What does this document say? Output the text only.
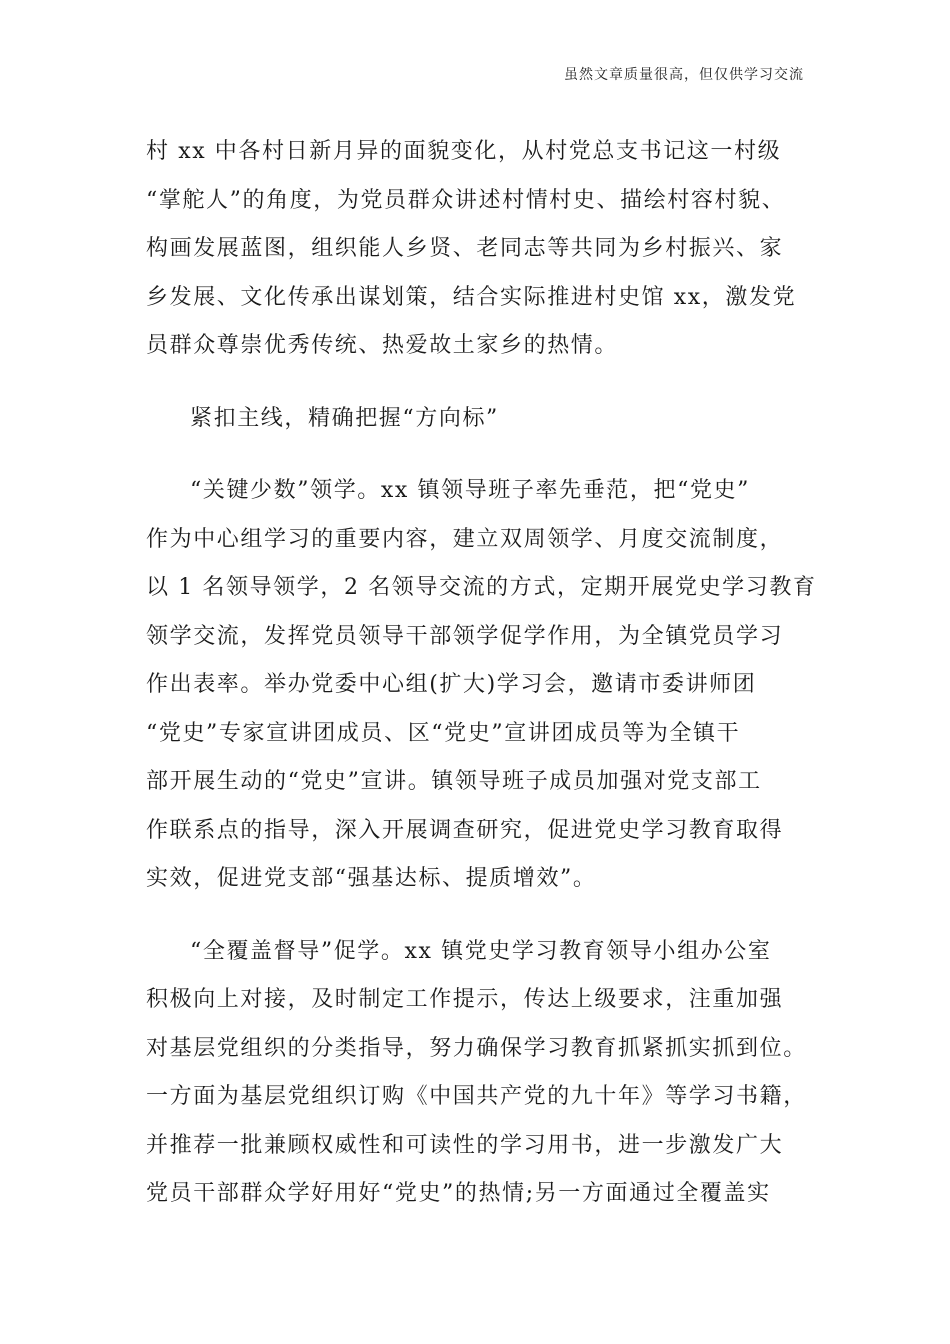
虽然文章质量很高，但仅供学习交流

村 xx 中各村日新月异的面貌变化，从村党总支书记这一村级
“掌舵人”的角度，为党员群众讲述村情村史、描绘村容村貌、
构画发展蓝图，组织能人乡贤、老同志等共同为乡村振兴、家
乡发展、文化传承出谋划策，结合实际推进村史馆 xx，激发党
员群众尊崇优秀传统、热爱故土家乡的热情。

紧扣主线，精确把握“方向标”

“关键少数”领学。xx 镇领导班子率先垂范，把“党史”
作为中心组学习的重要内容，建立双周领学、月度交流制度，
以 1 名领导领学，2 名领导交流的方式，定期开展党史学习教育
领学交流，发挥党员领导干部领学促学作用，为全镇党员学习
作出表率。举办党委中心组(扩大)学习会，邀请市委讲师团
“党史”专家宣讲团成员、区“党史”宣讲团成员等为全镇干
部开展生动的“党史”宣讲。镇领导班子成员加强对党支部工
作联系点的指导，深入开展调查研究，促进党史学习教育取得
实效，促进党支部“强基达标、提质增效”。

“全覆盖督导”促学。xx 镇党史学习教育领导小组办公室
积极向上对接，及时制定工作提示，传达上级要求，注重加强
对基层党组织的分类指导，努力确保学习教育抓紧抓实抓到位。
一方面为基层党组织订购《中国共产党的九十年》等学习书籍，
并推荐一批兼顾权威性和可读性的学习用书，进一步激发广大
党员干部群众学好用好“党史”的热情;另一方面通过全覆盖实
